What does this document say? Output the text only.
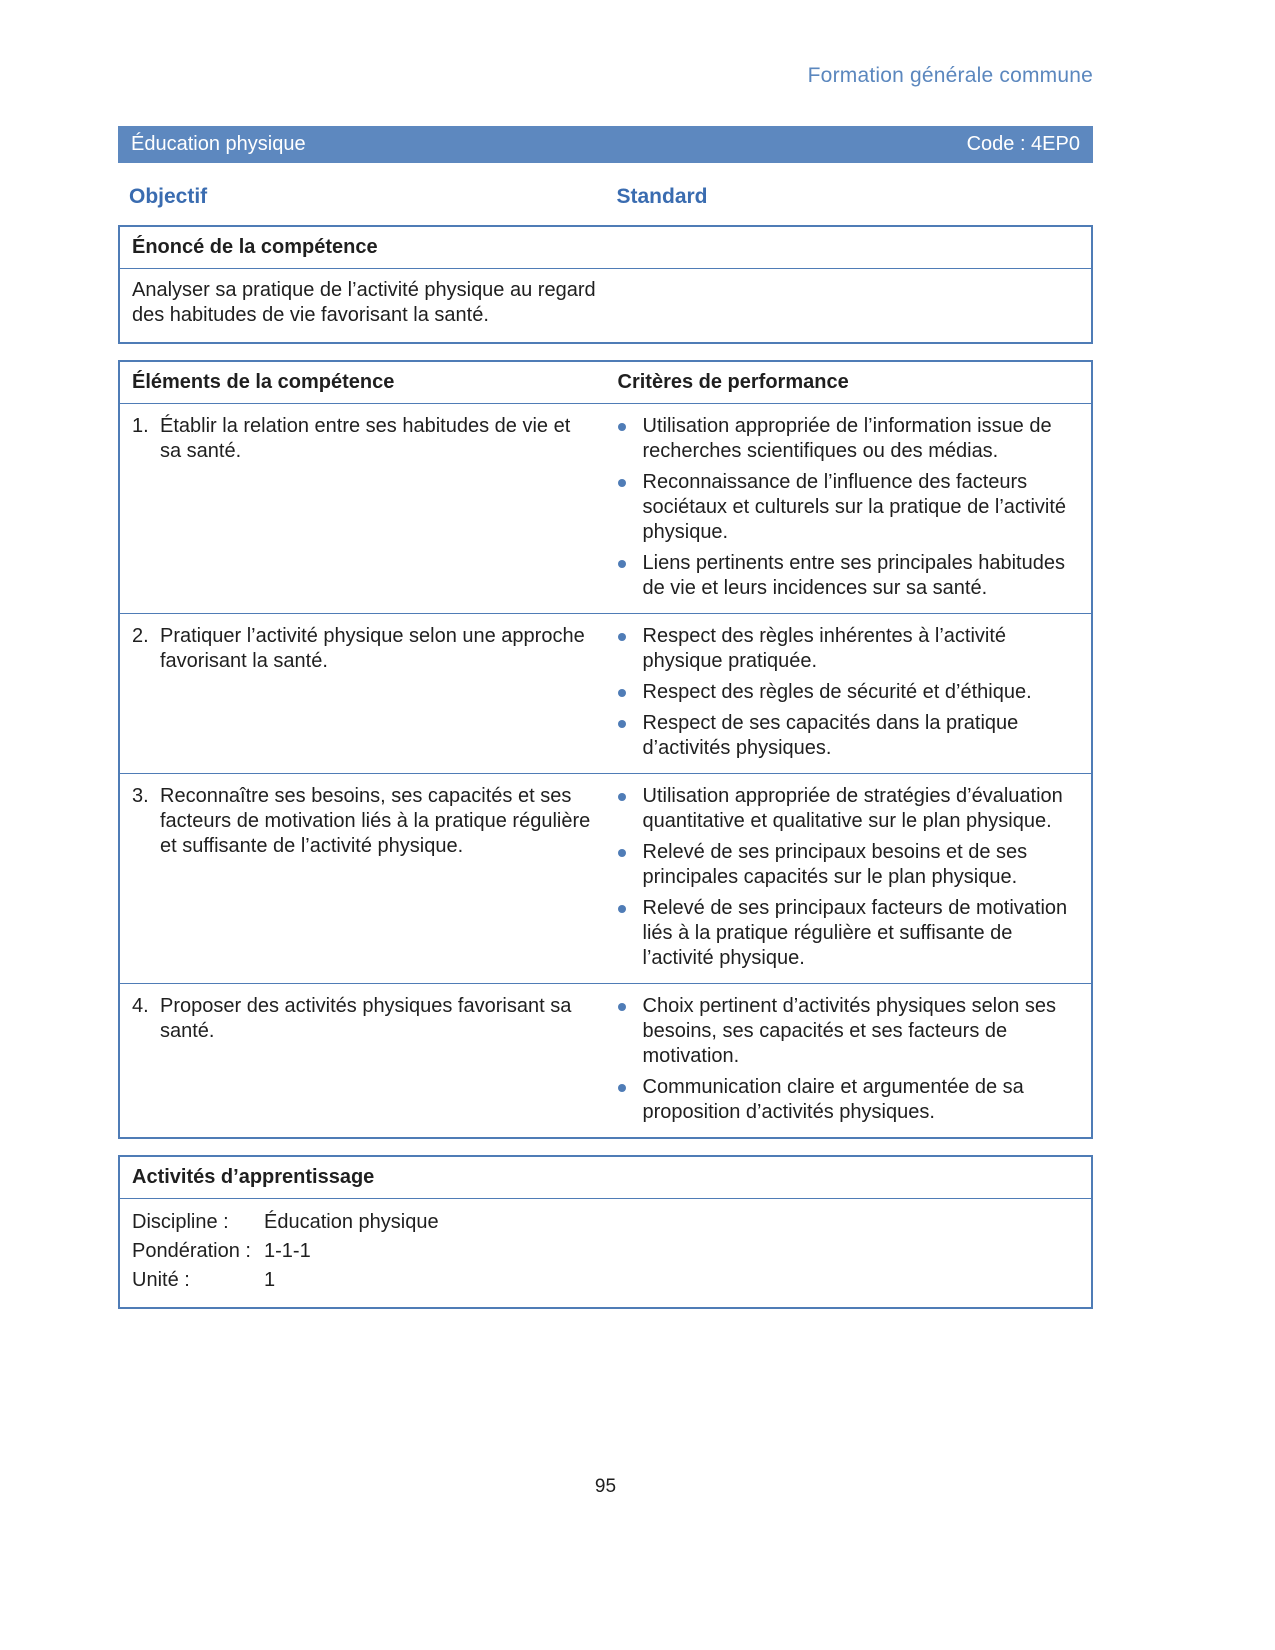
Formation générale commune
Éducation physique	Code : 4EP0
Objectif	Standard
Énoncé de la compétence
Analyser sa pratique de l’activité physique au regard des habitudes de vie favorisant la santé.
Éléments de la compétence	Critères de performance
1. Établir la relation entre ses habitudes de vie et sa santé.
Utilisation appropriée de l’information issue de recherches scientifiques ou des médias.
Reconnaissance de l’influence des facteurs sociétaux et culturels sur la pratique de l’activité physique.
Liens pertinents entre ses principales habitudes de vie et leurs incidences sur sa santé.
2. Pratiquer l’activité physique selon une approche favorisant la santé.
Respect des règles inhérentes à l’activité physique pratiquée.
Respect des règles de sécurité et d’éthique.
Respect de ses capacités dans la pratique d’activités physiques.
3. Reconnaître ses besoins, ses capacités et ses facteurs de motivation liés à la pratique régulière et suffisante de l’activité physique.
Utilisation appropriée de stratégies d’évaluation quantitative et qualitative sur le plan physique.
Relevé de ses principaux besoins et de ses principales capacités sur le plan physique.
Relevé de ses principaux facteurs de motivation liés à la pratique régulière et suffisante de l’activité physique.
4. Proposer des activités physiques favorisant sa santé.
Choix pertinent d’activités physiques selon ses besoins, ses capacités et ses facteurs de motivation.
Communication claire et argumentée de sa proposition d’activités physiques.
Activités d’apprentissage
Discipline :	Éducation physique
Pondération : 1-1-1
Unité :	1
95
